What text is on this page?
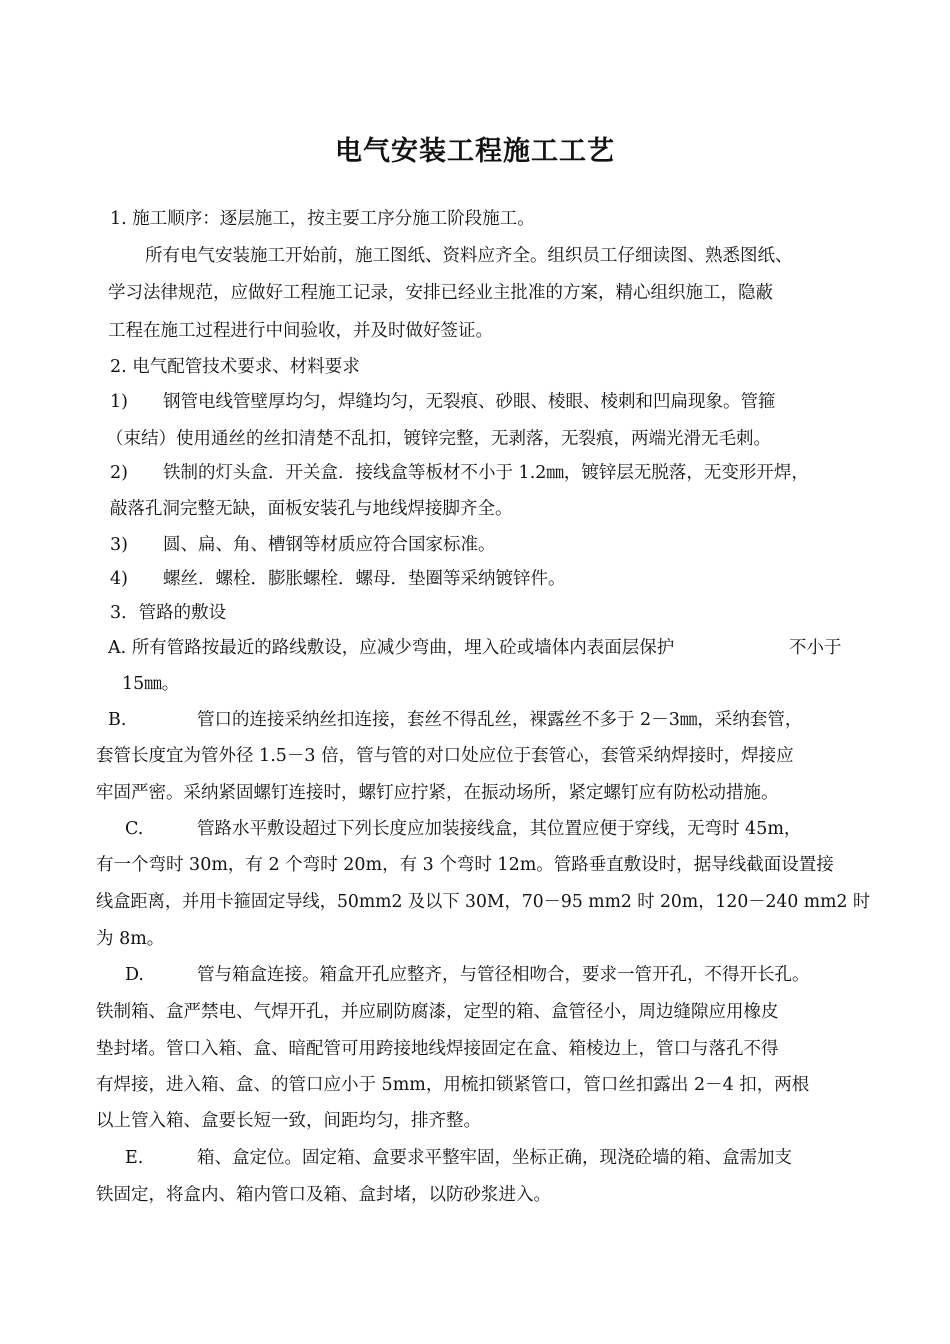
电气安装工程施工工艺

1. 施工顺序：逐层施工，按主要工序分施工阶段施工。

所有电气安装施工开始前，施工图纸、资料应齐全。组织员工仔细读图、熟悉图纸、

学习法律规范，应做好工程施工记录，安排已经业主批准的方案，精心组织施工，隐蔽

工程在施工过程进行中间验收，并及时做好签证。

2. 电气配管技术要求、材料要求

1) 钢管电线管壁厚均匀，焊缝均匀，无裂痕、砂眼、棱眼、棱刺和凹扁现象。管箍

（束结）使用通丝的丝扣清楚不乱扣，镀锌完整，无剥落，无裂痕，两端光滑无毛刺。

2) 铁制的灯头盒．开关盒．接线盒等板材不小于 1.2㎜，镀锌层无脱落，无变形开焊，

敲落孔洞完整无缺，面板安装孔与地线焊接脚齐全。

3) 圆、扁、角、槽钢等材质应符合国家标准。

4) 螺丝．螺栓．膨胀螺栓．螺母．垫圈等采纳镀锌件。

3．管路的敷设

A. 所有管路按最近的路线敷设，应减少弯曲，埋入砼或墙体内表面层保护	不小于

15㎜。

B.	管口的连接采纳丝扣连接，套丝不得乱丝，裸露丝不多于 2－3㎜，采纳套管，

套管长度宜为管外径 1.5－3 倍，管与管的对口处应位于套管心，套管采纳焊接时，焊接应

牢固严密。采纳紧固螺钉连接时，螺钉应拧紧，在振动场所，紧定螺钉应有防松动措施。

C.	管路水平敷设超过下列长度应加装接线盒，其位置应便于穿线，无弯时 45m，

有一个弯时 30m，有 2 个弯时 20m，有 3 个弯时 12m。管路垂直敷设时，据导线截面设置接

线盒距离，并用卡箍固定导线，50mm2 及以下 30M，70－95 mm2 时 20m，120－240 mm2 时

为 8m。

D.	管与箱盒连接。箱盒开孔应整齐，与管径相吻合，要求一管开孔，不得开长孔。

铁制箱、盒严禁电、气焊开孔，并应刷防腐漆，定型的箱、盒管径小，周边缝隙应用橡皮

垫封堵。管口入箱、盒、暗配管可用跨接地线焊接固定在盒、箱棱边上，管口与落孔不得

有焊接，进入箱、盒、的管口应小于 5mm，用梳扣锁紧管口，管口丝扣露出 2－4 扣，两根

以上管入箱、盒要长短一致，间距均匀，排齐整。

E.	箱、盒定位。固定箱、盒要求平整牢固，坐标正确，现浇砼墙的箱、盒需加支

铁固定，将盒内、箱内管口及箱、盒封堵，以防砂浆进入。
